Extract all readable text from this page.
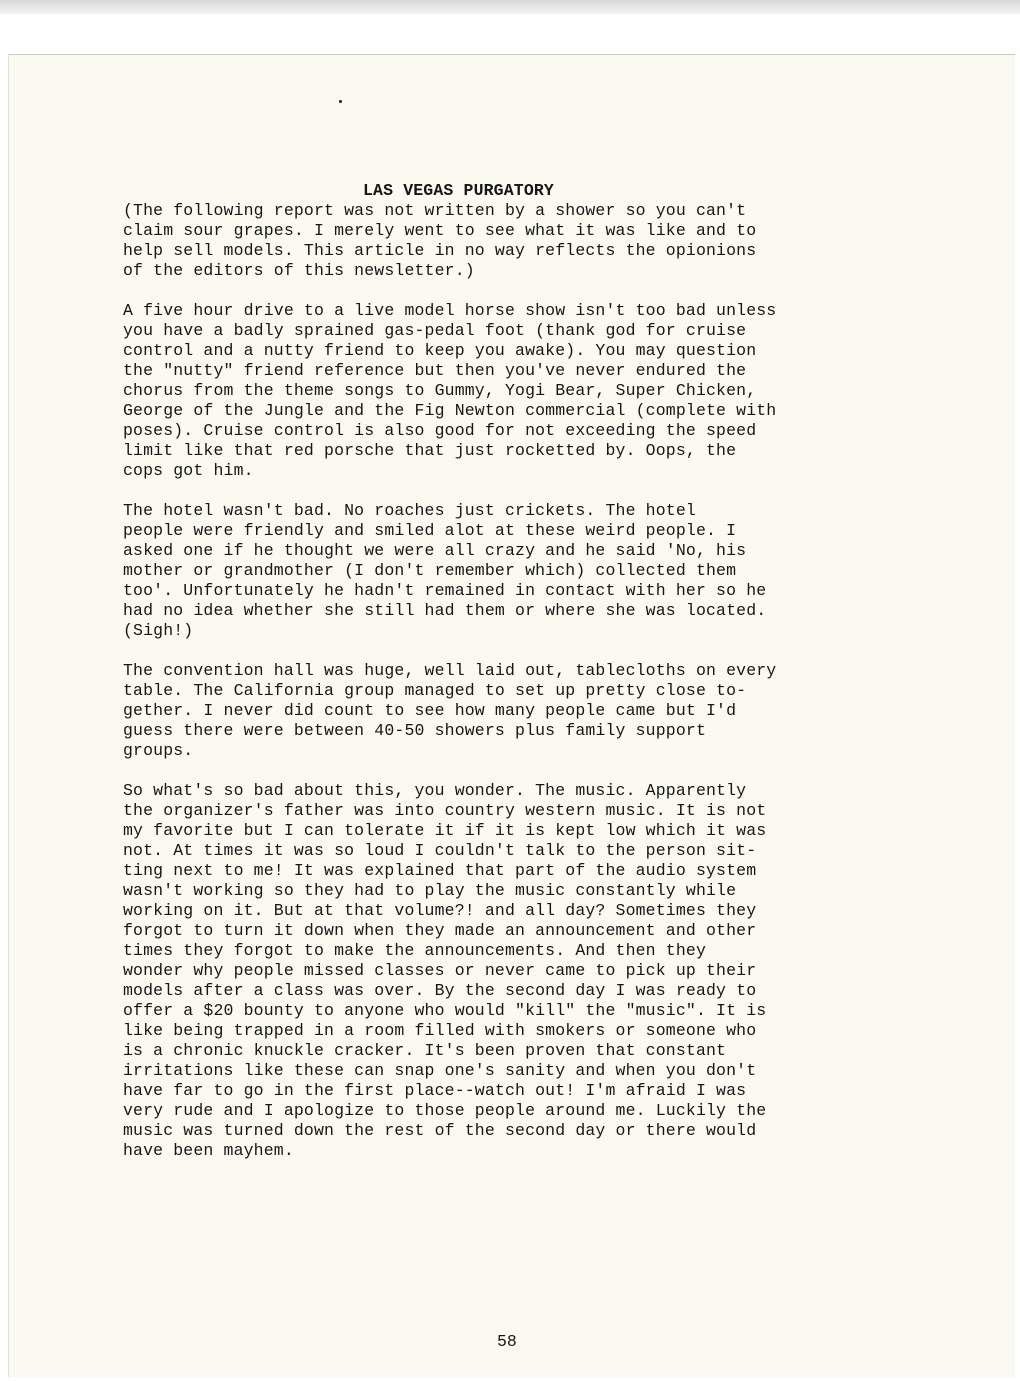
LAS VEGAS PURGATORY
(The following report was not written by a shower so you can't
claim sour grapes. I merely went to see what it was like and to
help sell models. This article in no way reflects the opionions
of the editors of this newsletter.)
A five hour drive to a live model horse show isn't too bad unless
you have a badly sprained gas-pedal foot (thank god for cruise
control and a nutty friend to keep you awake). You may question
the "nutty" friend reference but then you've never endured the
chorus from the theme songs to Gummy, Yogi Bear, Super Chicken,
George of the Jungle and the Fig Newton commercial (complete with
poses). Cruise control is also good for not exceeding the speed
limit like that red porsche that just rocketted by. Oops, the
cops got him.
The hotel wasn't bad. No roaches just crickets. The hotel
people were friendly and smiled alot at these weird people. I
asked one if he thought we were all crazy and he said 'No, his
mother or grandmother (I don't remember which) collected them
too'. Unfortunately he hadn't remained in contact with her so he
had no idea whether she still had them or where she was located.
(Sigh!)
The convention hall was huge, well laid out, tablecloths on every
table. The California group managed to set up pretty close to-
gether. I never did count to see how many people came but I'd
guess there were between 40-50 showers plus family support
groups.
So what's so bad about this, you wonder. The music. Apparently
the organizer's father was into country western music. It is not
my favorite but I can tolerate it if it is kept low which it was
not. At times it was so loud I couldn't talk to the person sit-
ting next to me! It was explained that part of the audio system
wasn't working so they had to play the music constantly while
working on it. But at that volume?! and all day? Sometimes they
forgot to turn it down when they made an announcement and other
times they forgot to make the announcements. And then they
wonder why people missed classes or never came to pick up their
models after a class was over. By the second day I was ready to
offer a $20 bounty to anyone who would "kill" the "music". It is
like being trapped in a room filled with smokers or someone who
is a chronic knuckle cracker. It's been proven that constant
irritations like these can snap one's sanity and when you don't
have far to go in the first place--watch out! I'm afraid I was
very rude and I apologize to those people around me. Luckily the
music was turned down the rest of the second day or there would
have been mayhem.
58
